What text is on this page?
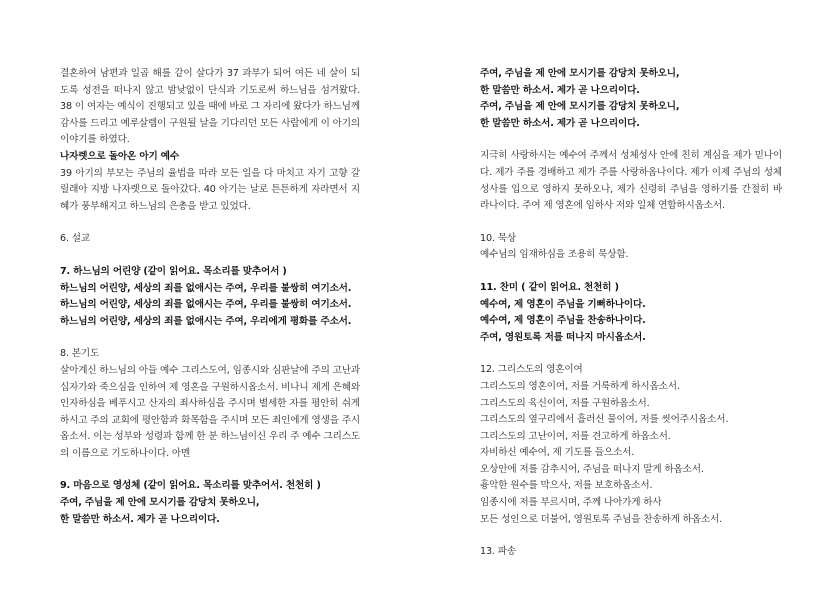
결혼하여 남편과 일곱 해를 같이 살다가 37 과부가 되어 여든 네 살이 되도록 성전을 떠나지 않고 밤낮없이 단식과 기도로써 하느님을 섬겨왔다. 38 이 여자는 예식이 진행되고 있을 때에 바로 그 자리에 왔다가 하느님께 감사를 드리고 예루살렘이 구원될 날을 기다리던 모든 사람에게 이 아기의 이야기를 하였다.

나자렛으로 돌아온 아기 예수

39 아기의 부모는 주님의 율법을 따라 모든 일을 다 마치고 자기 고향 갈릴래아 지방 나자렛으로 돌아갔다. 40 아기는 날로 튼튼하게 자라면서 지혜가 풍부해지고 하느님의 은총을 받고 있었다.

6. 설교
7. 하느님의 어린양 (같이 읽어요. 목소리를 맞추어서 )
하느님의 어린양, 세상의 죄를 없애시는 주여, 우리를 불쌍히 여기소서.
하느님의 어린양, 세상의 죄를 없애시는 주여, 우리를 불쌍히 여기소서.
하느님의 어린양, 세상의 죄를 없애시는 주여, 우리에게 평화를 주소서.
8. 본기도

살아계신 하느님의 아들 예수 그리스도여, 임종시와 심판날에 주의 고난과 십자가와 죽으심을 인하여 제 영혼을 구원하시옵소서. 비나니 제게 은혜와 인자하심을 베푸시고 산자의 죄사하심을 주시며 별세한 자를 평안히 쉬게 하시고 주의 교회에 평안함과 화목함을 주시며 모든 죄인에게 영생을 주시옵소서. 이는 성부와 성령과 함께 한 분 하느님이신 우리 주 예수 그리스도의 이름으로 기도하나이다. 아멘

9. 마음으로 영성체 (같이 읽어요. 목소리를 맞추어서. 천천히 )
주여, 주님을 제 안에 모시기를 감당치 못하오니,
한 말씀만 하소서. 제가 곧 나으리이다.
주여, 주님을 제 안에 모시기를 감당치 못하오니,
한 말씀만 하소서. 제가 곧 나으리이다.
주여, 주님을 제 안에 모시기를 감당치 못하오니,
한 말씀만 하소서. 제가 곧 나으리이다.

지극히 사랑하시는 예수여 주께서 성체성사 안에 친히 계심을 제가 믿나이다. 제가 주를 경배하고 제가 주를 사랑하옵나이다. 제가 이제 주님의 성체성사를 입으로 영하지 못하오나, 제가 신령히 주님을 영하기를 간절히 바라나이다. 주여 제 영혼에 임하사 저와 일체 연합하시옵소서.

10. 묵상
예수님의 임재하심을 조용히 묵상함.
11. 찬미 ( 같이 읽어요. 천천히 )
예수여, 제 영혼이 주님을 기뻐하나이다.
예수여, 제 영혼이 주님을 찬송하나이다.
주여, 영원토록 저를 떠나지 마시옵소서.
12. 그리스도의 영혼이여
그리스도의 영혼이여, 저를 거룩하게 하시옵소서.
그리스도의 육신이여, 저를 구원하옵소서.
그리스도의 옆구리에서 흘러신 물이여, 저를 씻어주시옵소서.
그리스도의 고난이여, 저를 견고하게 하옵소서.
자비하신 예수여, 제 기도를 들으소서.
오상안에 저를 감추시어, 주님을 떠나지 말게 하옵소서.
흉악한 원수를 막으사, 저를 보호하옵소서.
임종시에 저를 부르시며, 주께 나아가게 하사
모든 성인으로 더불어, 영원토록 주님을 찬송하게 하옵소서.
13. 파송
